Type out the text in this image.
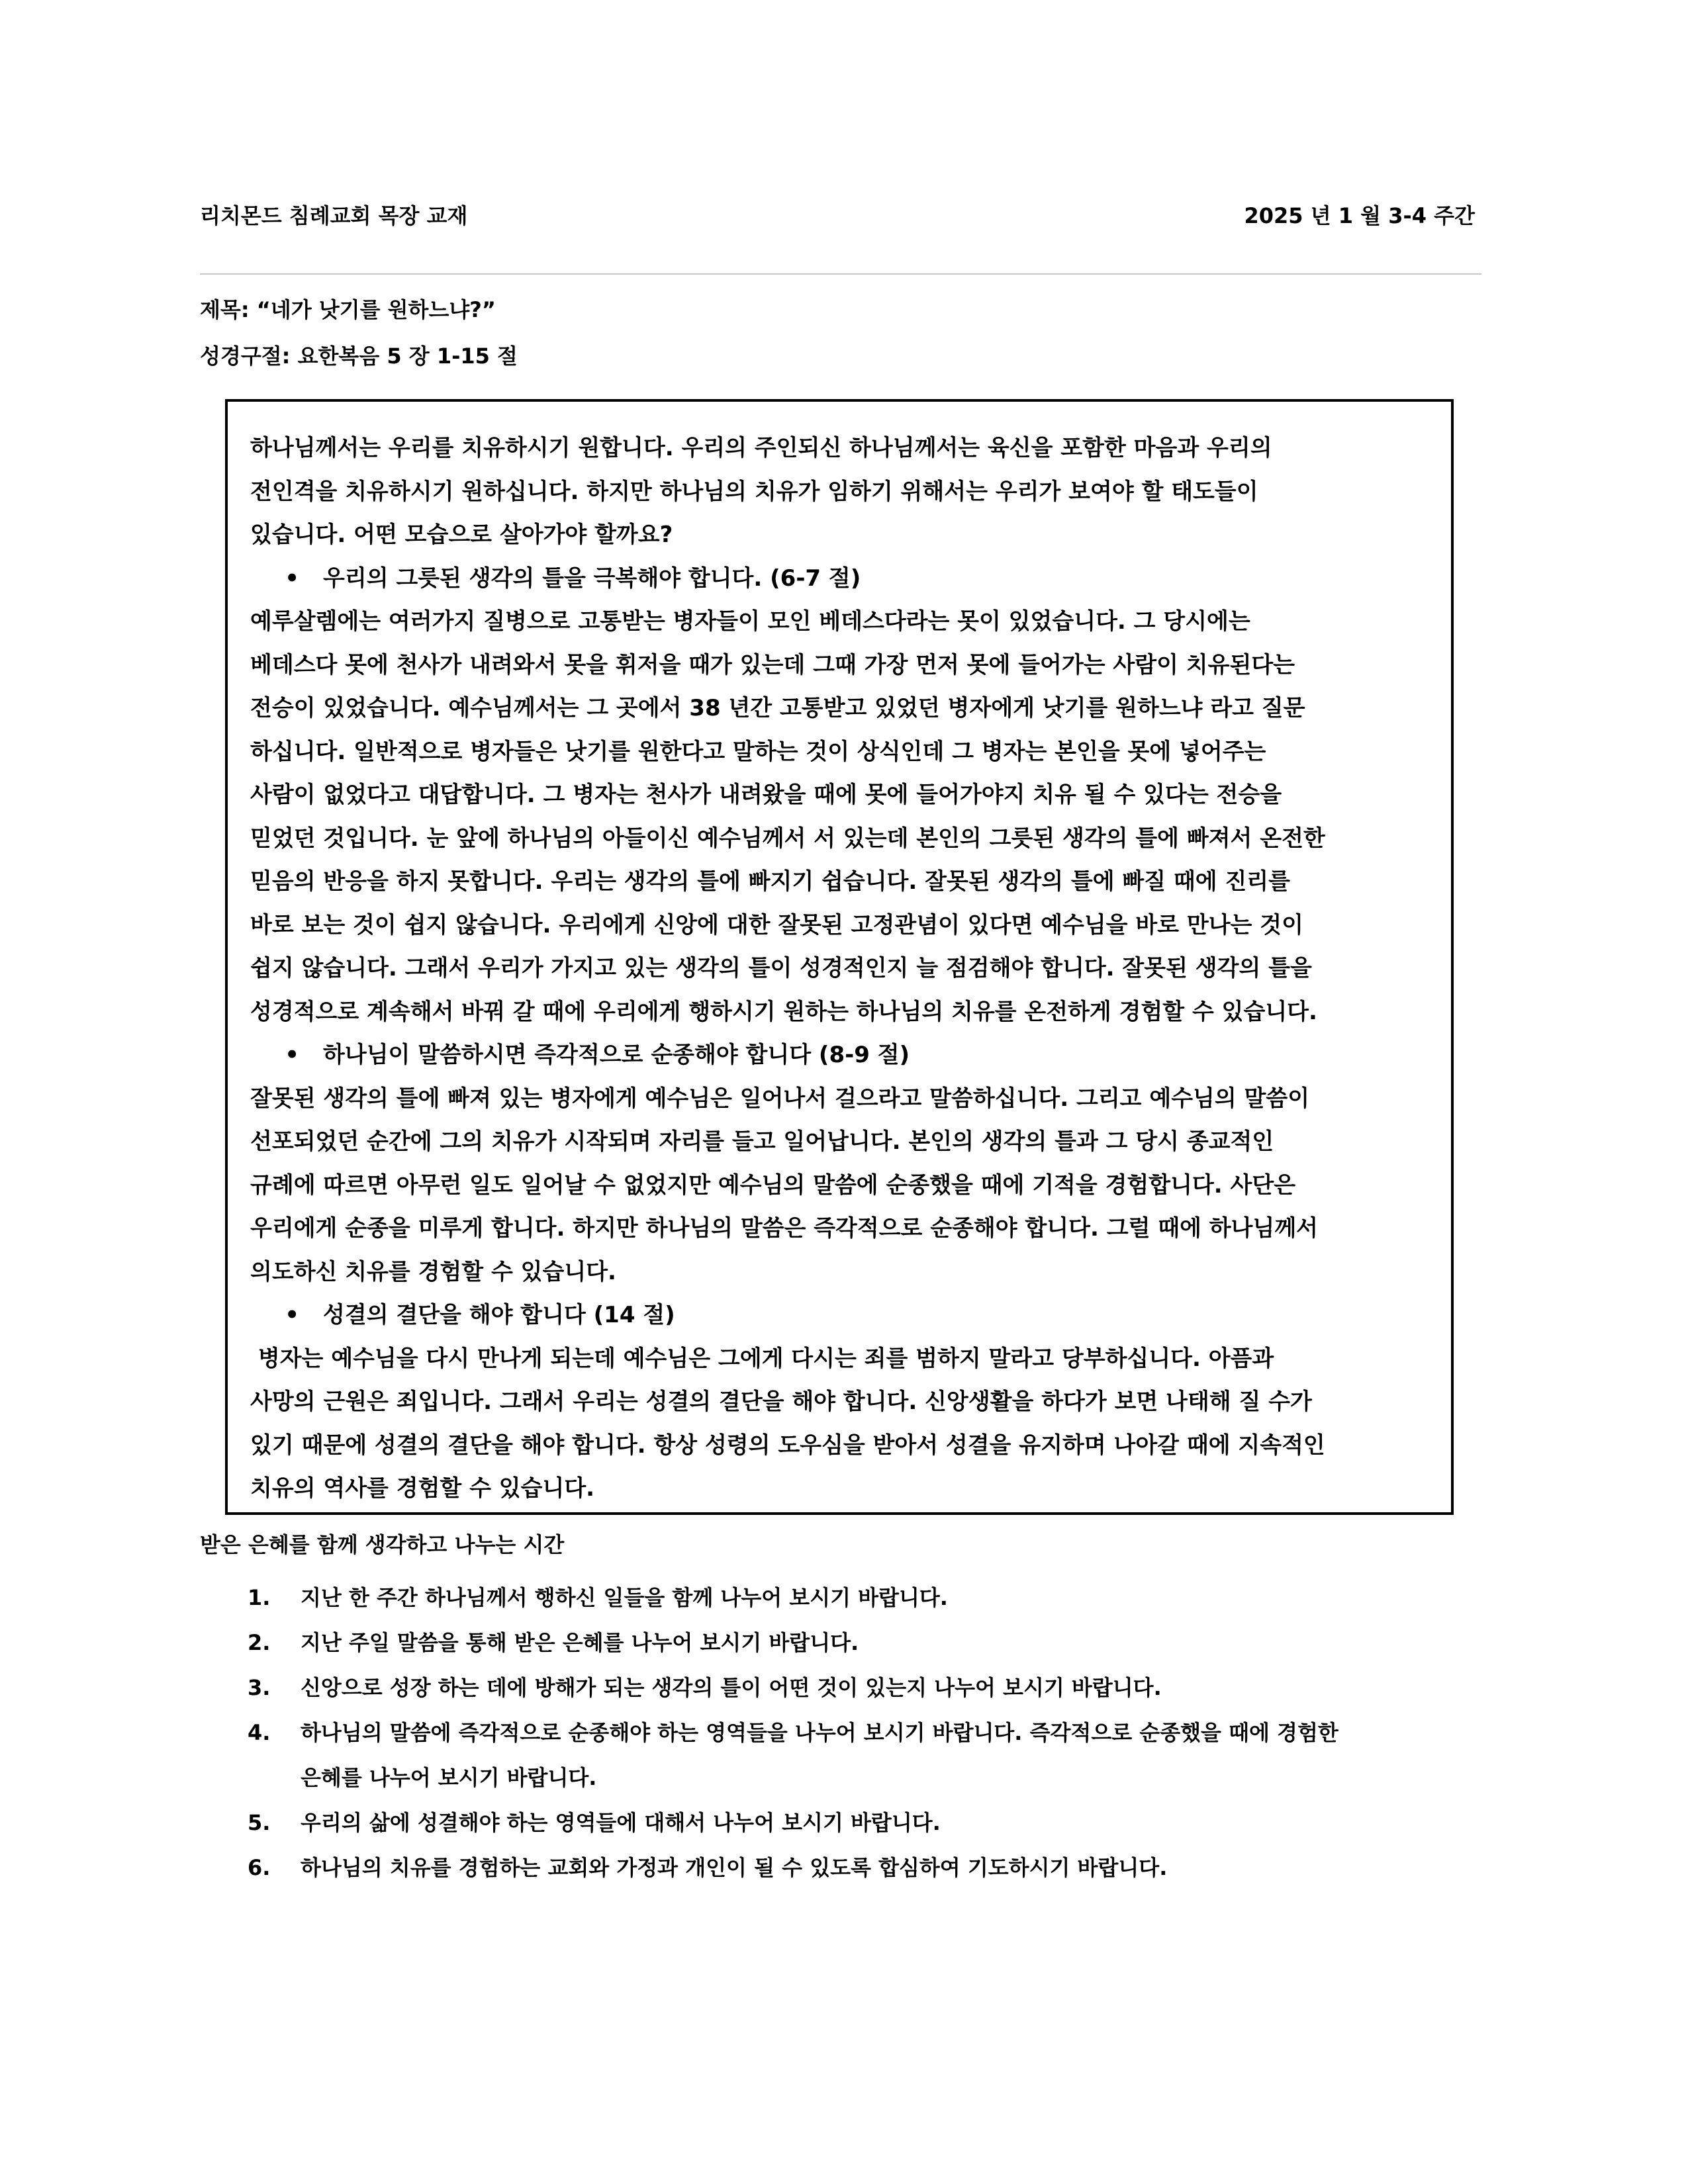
리치몬드 침례교회 목장 교재	2025 년 1 월 3-4 주간
제목: “네가 낫기를 원하느냐?”
성경구절: 요한복음 5 장 1-15 절

하나님께서는 우리를 치유하시기 원합니다. 우리의 주인되신 하나님께서는 육신을 포함한 마음과 우리의

전인격을 치유하시기 원하십니다. 하지만 하나님의 치유가 임하기 위해서는 우리가 보여야 할 태도들이

있습니다. 어떤 모습으로 살아가야 할까요?

• 우리의 그릇된 생각의 틀을 극복해야 합니다. (6-7 절)

예루살렘에는 여러가지 질병으로 고통받는 병자들이 모인 베데스다라는 못이 있었습니다. 그 당시에는

베데스다 못에 천사가 내려와서 못을 휘저을 때가 있는데 그때 가장 먼저 못에 들어가는 사람이 치유된다는

전승이 있었습니다. 예수님께서는 그 곳에서 38 년간 고통받고 있었던 병자에게 낫기를 원하느냐 라고 질문

하십니다. 일반적으로 병자들은 낫기를 원한다고 말하는 것이 상식인데 그 병자는 본인을 못에 넣어주는

사람이 없었다고 대답합니다. 그 병자는 천사가 내려왔을 때에 못에 들어가야지 치유 될 수 있다는 전승을

믿었던 것입니다. 눈 앞에 하나님의 아들이신 예수님께서 서 있는데 본인의 그릇된 생각의 틀에 빠져서 온전한

믿음의 반응을 하지 못합니다. 우리는 생각의 틀에 빠지기 쉽습니다. 잘못된 생각의 틀에 빠질 때에 진리를

바로 보는 것이 쉽지 않습니다. 우리에게 신앙에 대한 잘못된 고정관념이 있다면 예수님을 바로 만나는 것이

쉽지 않습니다. 그래서 우리가 가지고 있는 생각의 틀이 성경적인지 늘 점검해야 합니다. 잘못된 생각의 틀을

성경적으로 계속해서 바꿔 갈 때에 우리에게 행하시기 원하는 하나님의 치유를 온전하게 경험할 수 있습니다.

• 하나님이 말씀하시면 즉각적으로 순종해야 합니다 (8-9 절)

잘못된 생각의 틀에 빠져 있는 병자에게 예수님은 일어나서 걸으라고 말씀하십니다. 그리고 예수님의 말씀이

선포되었던 순간에 그의 치유가 시작되며 자리를 들고 일어납니다. 본인의 생각의 틀과 그 당시 종교적인

규례에 따르면 아무런 일도 일어날 수 없었지만 예수님의 말씀에 순종했을 때에 기적을 경험합니다. 사단은

우리에게 순종을 미루게 합니다. 하지만 하나님의 말씀은 즉각적으로 순종해야 합니다. 그럴 때에 하나님께서

의도하신 치유를 경험할 수 있습니다.

• 성결의 결단을 해야 합니다 (14 절)

병자는 예수님을 다시 만나게 되는데 예수님은 그에게 다시는 죄를 범하지 말라고 당부하십니다. 아픔과

사망의 근원은 죄입니다. 그래서 우리는 성결의 결단을 해야 합니다. 신앙생활을 하다가 보면 나태해 질 수가

있기 때문에 성결의 결단을 해야 합니다. 항상 성령의 도우심을 받아서 성결을 유지하며 나아갈 때에 지속적인

치유의 역사를 경험할 수 있습니다.

받은 은혜를 함께 생각하고 나누는 시간
1.	지난 한 주간 하나님께서 행하신 일들을 함께 나누어 보시기 바랍니다.
2.	지난 주일 말씀을 통해 받은 은혜를 나누어 보시기 바랍니다.
3.	신앙으로 성장 하는 데에 방해가 되는 생각의 틀이 어떤 것이 있는지 나누어 보시기 바랍니다.
4.	하나님의 말씀에 즉각적으로 순종해야 하는 영역들을 나누어 보시기 바랍니다. 즉각적으로 순종했을 때에 경험한
은혜를 나누어 보시기 바랍니다.
5.	우리의 삶에 성결해야 하는 영역들에 대해서 나누어 보시기 바랍니다.
6.	하나님의 치유를 경험하는 교회와 가정과 개인이 될 수 있도록 합심하여 기도하시기 바랍니다.
